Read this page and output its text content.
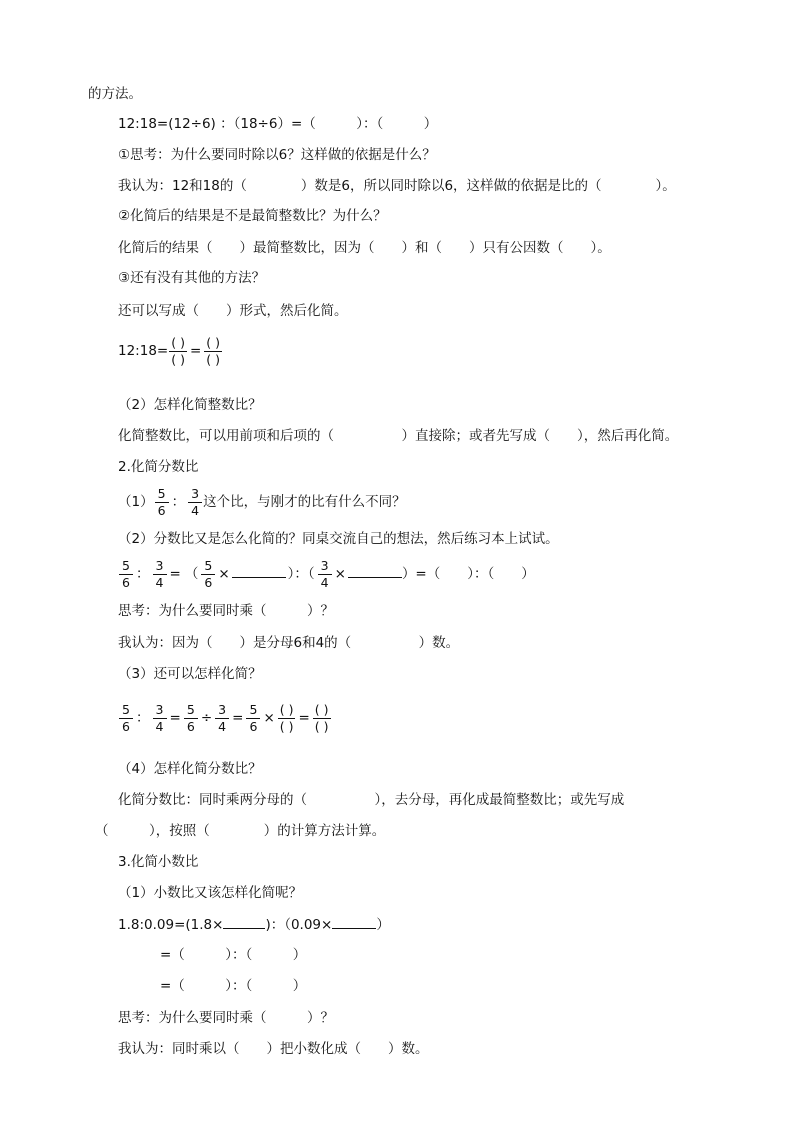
的方法。
12:18=(12÷6) ：（18÷6）=（　　　）：（　　　）
①思考：为什么要同时除以6？这样做的依据是什么？
我认为：12和18的（　　　　）数是6，所以同时除以6，这样做的依据是比的（　　　　）。
②化简后的结果是不是最简整数比？为什么？
化简后的结果（　　）最简整数比，因为（　　）和（　　）只有公因数（　　）。
③还有没有其他的方法？
还可以写成（　　）形式，然后化简。
12:18= $\frac{( )}{( )} = \frac{( )}{( )}$
（2）怎样化简整数比？
化简整数比，可以用前项和后项的（　　　　　）直接除；或者先写成（　　），然后再化简。
2.化简分数比
$(1) \frac{5}{6}$ ： $\frac{3}{4}$ 这个比，与刚才的比有什么不同？
（2）分数比又是怎么化简的？同桌交流自己的想法，然后练习本上试试。
$\frac{5}{6}$ ： $\frac{3}{4}$ = （ $\frac{5}{6}$ ×	）：（ $\frac{3}{4}$ ×	）=（　　）：（　　）
思考：为什么要同时乘（　　　）？
我认为：因为（　　）是分母6和4的（　　　　　）数。
（3）还可以怎样化简？
$\frac{5}{6}$ ： $\frac{3}{4} = \frac{5}{6} \div \frac{3}{4} = \frac{5}{6} \times \frac{( )}{( )} = \frac{( )}{( )}$
（4）怎样化简分数比？
化简分数比：同时乘两分母的（　　　　　），去分母，再化成最简整数比；或先写成
（　　　），按照（　　　　）的计算方法计算。
3.化简小数比
（1）小数比又该怎样化简呢？
1.8:0.09=(1.8×	)：（0.09×	）
=（　　　）：（　　　）
=（　　　）：（　　　）
思考：为什么要同时乘（　　　）？
我认为：同时乘以（　　）把小数化成（　　）数。
